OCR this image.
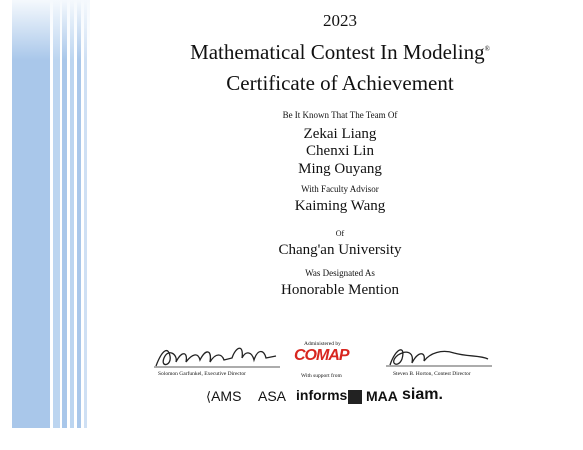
2023
Mathematical Contest In Modeling®
Certificate of Achievement
Be It Known That The Team Of
Zekai Liang
Chenxi Lin
Ming Ouyang
With Faculty Advisor
Kaiming Wang
Of
Chang'an University
Was Designated As
Honorable Mention
Solomon Garfunkel, Executive Director
Administered by
COMAP
With support from	Steven B. Horton, Contest Director
⟨AMS ASA informs MAA siam.
